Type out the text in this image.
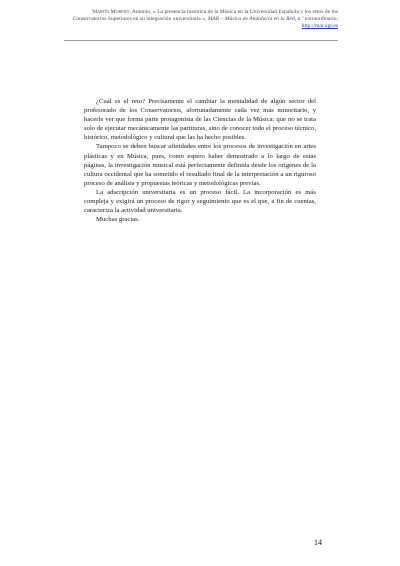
Martín Moreno, Antonio, « La presencia histórica de la Música en la Universidad Española y los retos de los Conservatorios Superiores en su integración universitaria », MAR – Música de Andalucía en la Red, n.º extraordinario, http://mar.ugr.es

¿Cuál es el reto? Precisamente el cambiar la mentalidad de algún sector del profesorado de los Conservatorios, afortunadamente cada vez más minoritario, y hacerle ver que forma parte protagonista de las Ciencias de la Música: que no se trata solo de ejecutar mecánicamente las partituras, sino de conocer todo el proceso técnico, histórico, metodológico y cultural que las ha hecho posibles.

Tampoco se deben buscar afinidades entre los procesos de investigación en artes plásticas y en Música, pues, como espero haber demostrado a lo largo de estas páginas, la investigación musical está perfectamente definida desde los orígenes de la cultura occidental que ha sometido el resultado final de la interpretación a un riguroso proceso de análisis y propuestas teóricas y metodológicas previas.

La adscripción universitaria es un proceso fácil. La incorporación es más compleja y exigirá un proceso de rigor y seguimiento que es el que, a fin de cuentas, caracteriza la actividad universitaria.

Muchas gracias.

14
